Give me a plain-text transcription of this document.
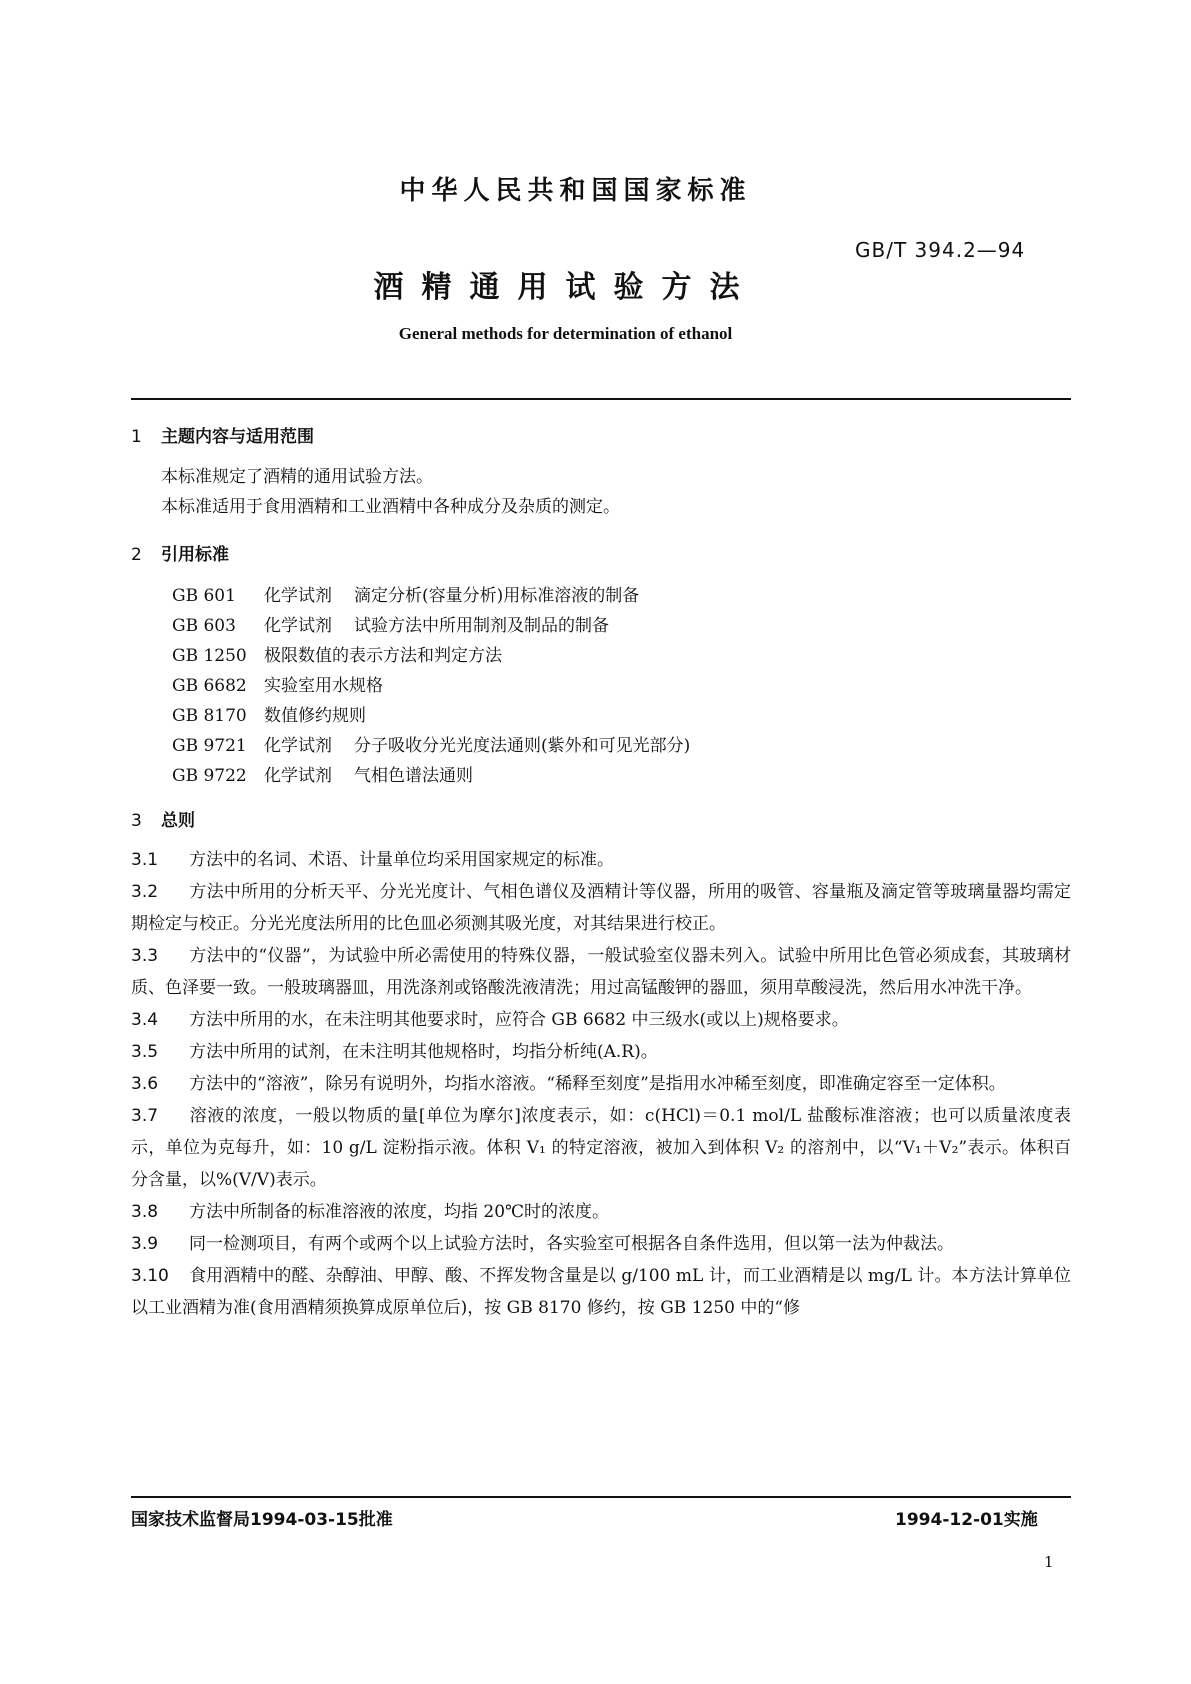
中华人民共和国国家标准
GB/T 394.2—94
酒精通用试验方法
General methods for determination of ethanol
1 主题内容与适用范围
本标准规定了酒精的通用试验方法。
本标准适用于食用酒精和工业酒精中各种成分及杂质的测定。
2 引用标准
GB 601 化学试剂 滴定分析(容量分析)用标准溶液的制备
GB 603 化学试剂 试验方法中所用制剂及制品的制备
GB 1250 极限数值的表示方法和判定方法
GB 6682 实验室用水规格
GB 8170 数值修约规则
GB 9721 化学试剂 分子吸收分光光度法通则(紫外和可见光部分)
GB 9722 化学试剂 气相色谱法通则
3 总则

3.1 方法中的名词、术语、计量单位均采用国家规定的标准。

3.2 方法中所用的分析天平、分光光度计、气相色谱仪及酒精计等仪器，所用的吸管、容量瓶及滴定管等玻璃量器均需定期检定与校正。分光光度法所用的比色皿必须测其吸光度，对其结果进行校正。

3.3 方法中的“仪器”，为试验中所必需使用的特殊仪器，一般试验室仪器未列入。试验中所用比色管必须成套，其玻璃材质、色泽要一致。一般玻璃器皿，用洗涤剂或铬酸洗液清洗；用过高锰酸钾的器皿，须用草酸浸洗，然后用水冲洗干净。

3.4 方法中所用的水，在未注明其他要求时，应符合 GB 6682 中三级水(或以上)规格要求。

3.5 方法中所用的试剂，在未注明其他规格时，均指分析纯(A.R)。

3.6 方法中的“溶液”，除另有说明外，均指水溶液。“稀释至刻度”是指用水冲稀至刻度，即准确定容至一定体积。

3.7 溶液的浓度，一般以物质的量[单位为摩尔]浓度表示，如：c(HCl)＝0.1 mol/L 盐酸标准溶液；也可以质量浓度表示，单位为克每升，如：10 g/L 淀粉指示液。体积 V₁ 的特定溶液，被加入到体积 V₂ 的溶剂中，以“V₁＋V₂”表示。体积百分含量，以%(V/V)表示。

3.8 方法中所制备的标准溶液的浓度，均指 20℃时的浓度。

3.9 同一检测项目，有两个或两个以上试验方法时，各实验室可根据各自条件选用，但以第一法为仲裁法。

3.10 食用酒精中的醛、杂醇油、甲醇、酸、不挥发物含量是以 g/100 mL 计，而工业酒精是以 mg/L 计。本方法计算单位以工业酒精为准(食用酒精须换算成原单位后)，按 GB 8170 修约，按 GB 1250 中的“修

国家技术监督局1994-03-15批准	1994-12-01实施
1
